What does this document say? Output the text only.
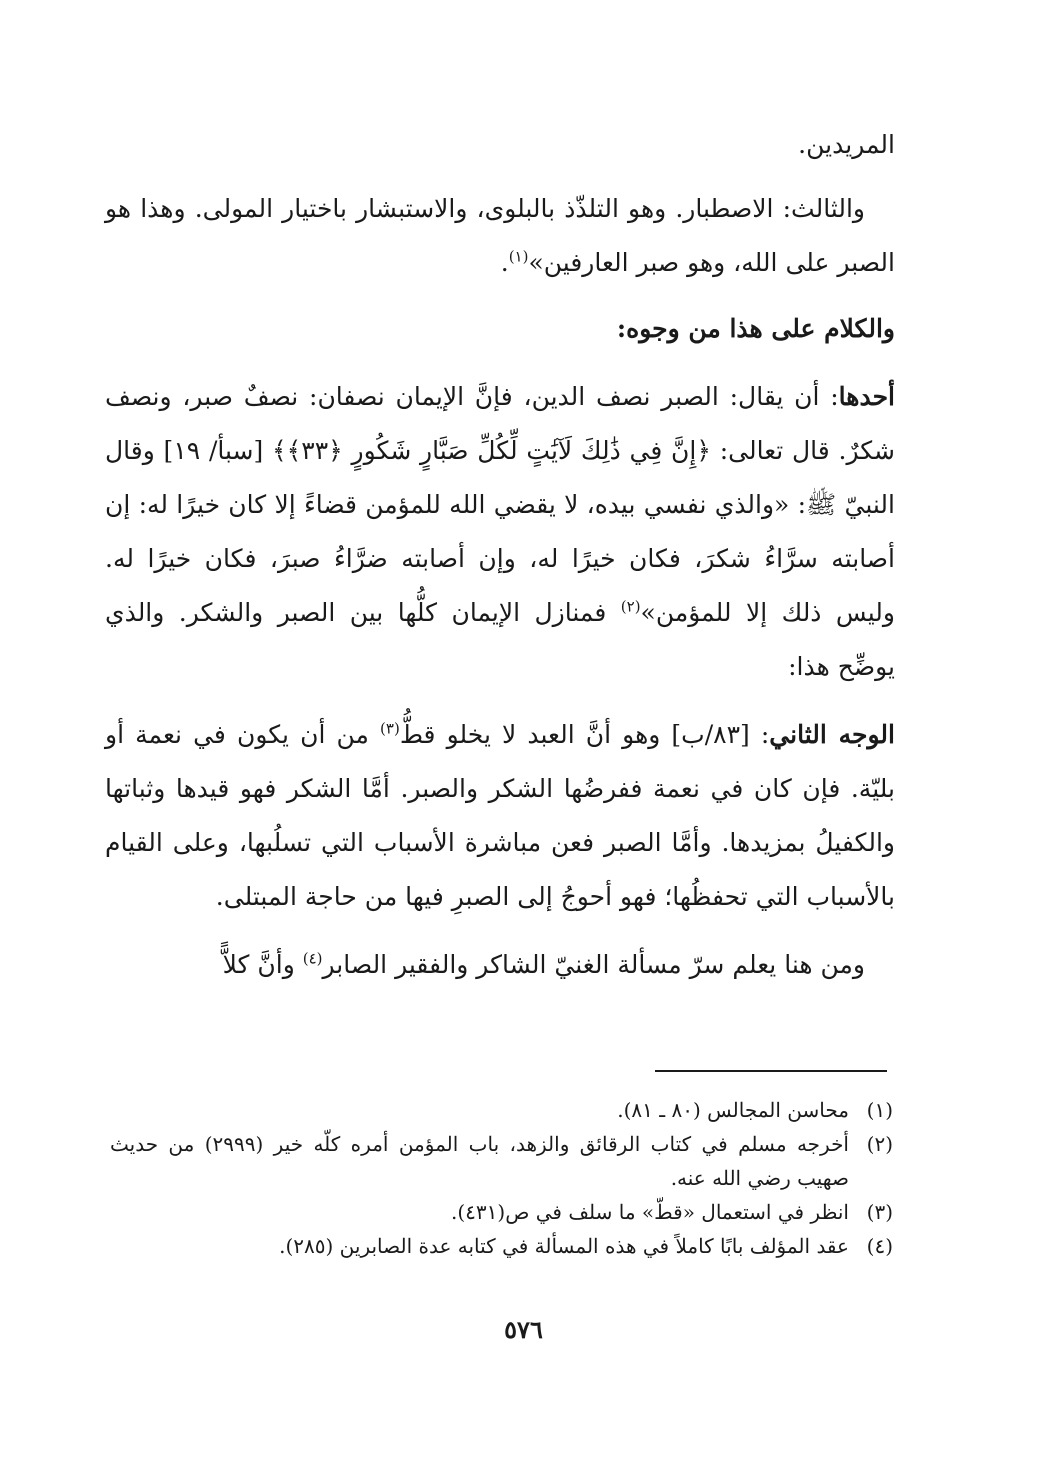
المريدين.

والثالث: الاصطبار. وهو التلذّذ بالبلوى، والاستبشار باختيار المولى. وهذا هو الصبر على الله، وهو صبر العارفين»$^{(١)}$.

والكلام على هذا من وجوه:

أحدها: أن يقال: الصبر نصف الدين، فإنَّ الإيمان نصفان: نصفٌ صبر، ونصف شكرٌ. قال تعالى: ﴿إِنَّ فِي ذَٰلِكَ لَآيَٰتٍ لِّكُلِّ صَبَّارٍ شَكُورٍ ﴿٣٣﴾﴾ [سبأ/ ١٩] وقال النبيّ ﷺ: «والذي نفسي بيده، لا يقضي الله للمؤمن قضاءً إلا كان خيرًا له: إن أصابته سرَّاءُ شكرَ، فكان خيرًا له، وإن أصابته ضرَّاءُ صبرَ، فكان خيرًا له. وليس ذلك إلا للمؤمن»$^{(٢)}$ فمنازل الإيمان كلُّها بين الصبر والشكر. والذي يوضِّح هذا:

الوجه الثاني: [٨٣/ب] وهو أنَّ العبد لا يخلو قطُّ$^{(٣)}$ من أن يكون في نعمة أو بليّة. فإن كان في نعمة ففرضُها الشكر والصبر. أمَّا الشكر فهو قيدها وثباتها والكفيلُ بمزيدها. وأمَّا الصبر فعن مباشرة الأسباب التي تسلُبها، وعلى القيام بالأسباب التي تحفظُها؛ فهو أحوجُ إلى الصبرِ فيها من حاجة المبتلى.

ومن هنا يعلم سرّ مسألة الغنيّ الشاكر والفقير الصابر$^{(٤)}$ وأنَّ كلاًّ

(١)
محاسن المجالس (٨٠ ـ ٨١).
(٢)
أخرجه مسلم في كتاب الرقائق والزهد، باب المؤمن أمره كلّه خير (٢٩٩٩) من حديث صهيب رضي الله عنه.
(٣)
انظر في استعمال «قطّ» ما سلف في ص(٤٣١).
(٤)
عقد المؤلف بابًا كاملاً في هذه المسألة في كتابه عدة الصابرين (٢٨٥).
٥٧٦
